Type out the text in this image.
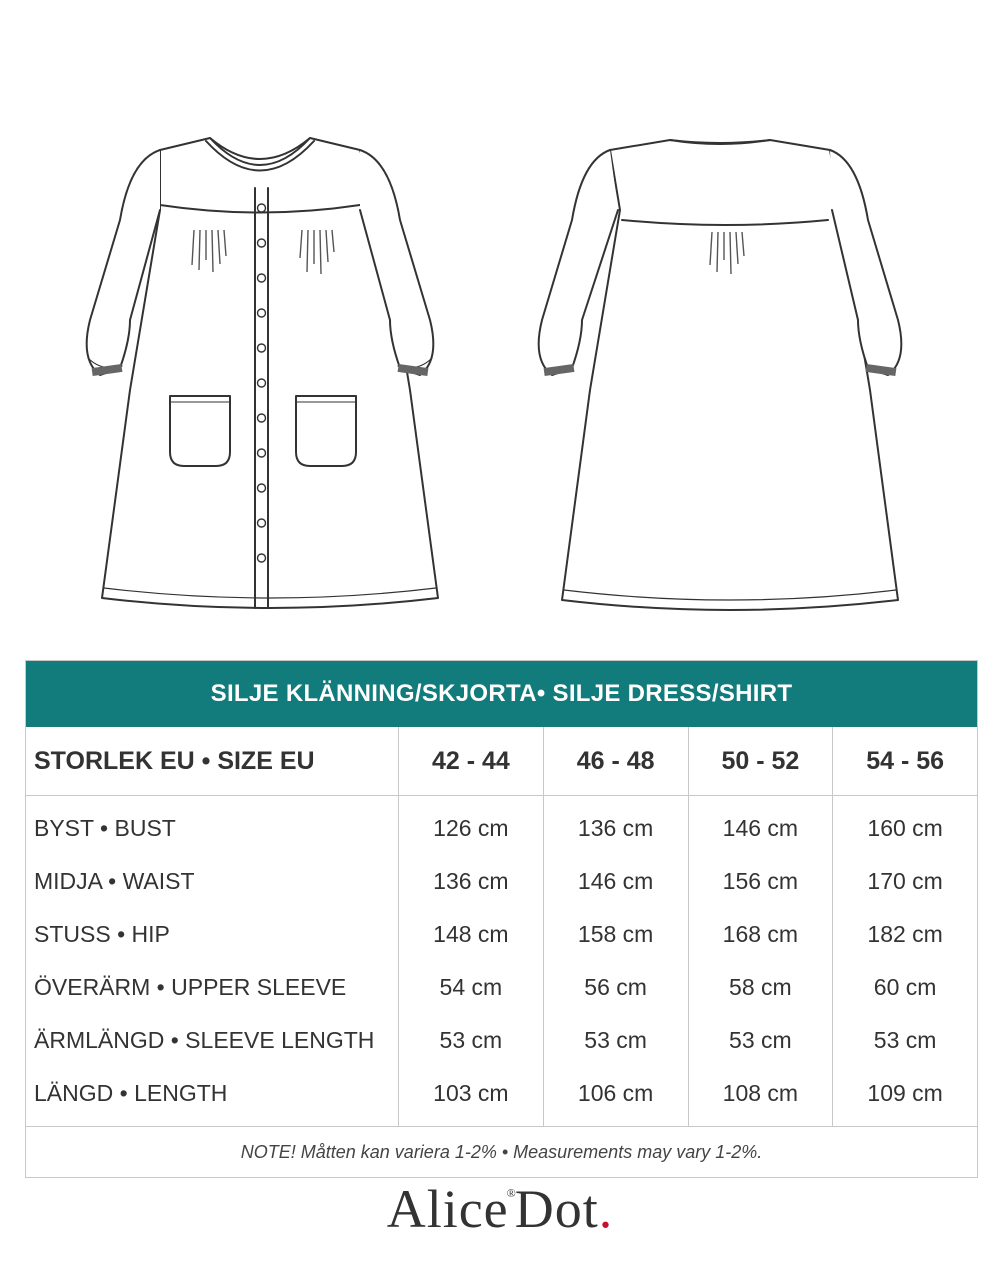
SILJE KLÄNNING/SKJORTA• SILJE DRESS/SHIRT				
STORLEK EU • SIZE EU	42 - 44	46 - 48	50 - 52	54 - 56
BYST • BUST	126 cm	136 cm	146 cm	160 cm
MIDJA • WAIST	136 cm	146 cm	156 cm	170 cm
STUSS • HIP	148 cm	158 cm	168 cm	182 cm
ÖVERÄRM • UPPER SLEEVE	54 cm	56 cm	58 cm	60 cm
ÄRMLÄNGD • SLEEVE LENGTH	53 cm	53 cm	53 cm	53 cm
LÄNGD • LENGTH	103 cm	106 cm	108 cm	109 cm
NOTE! Måtten kan variera 1-2% • Measurements may vary 1-2%.				
Alice®Dot.
